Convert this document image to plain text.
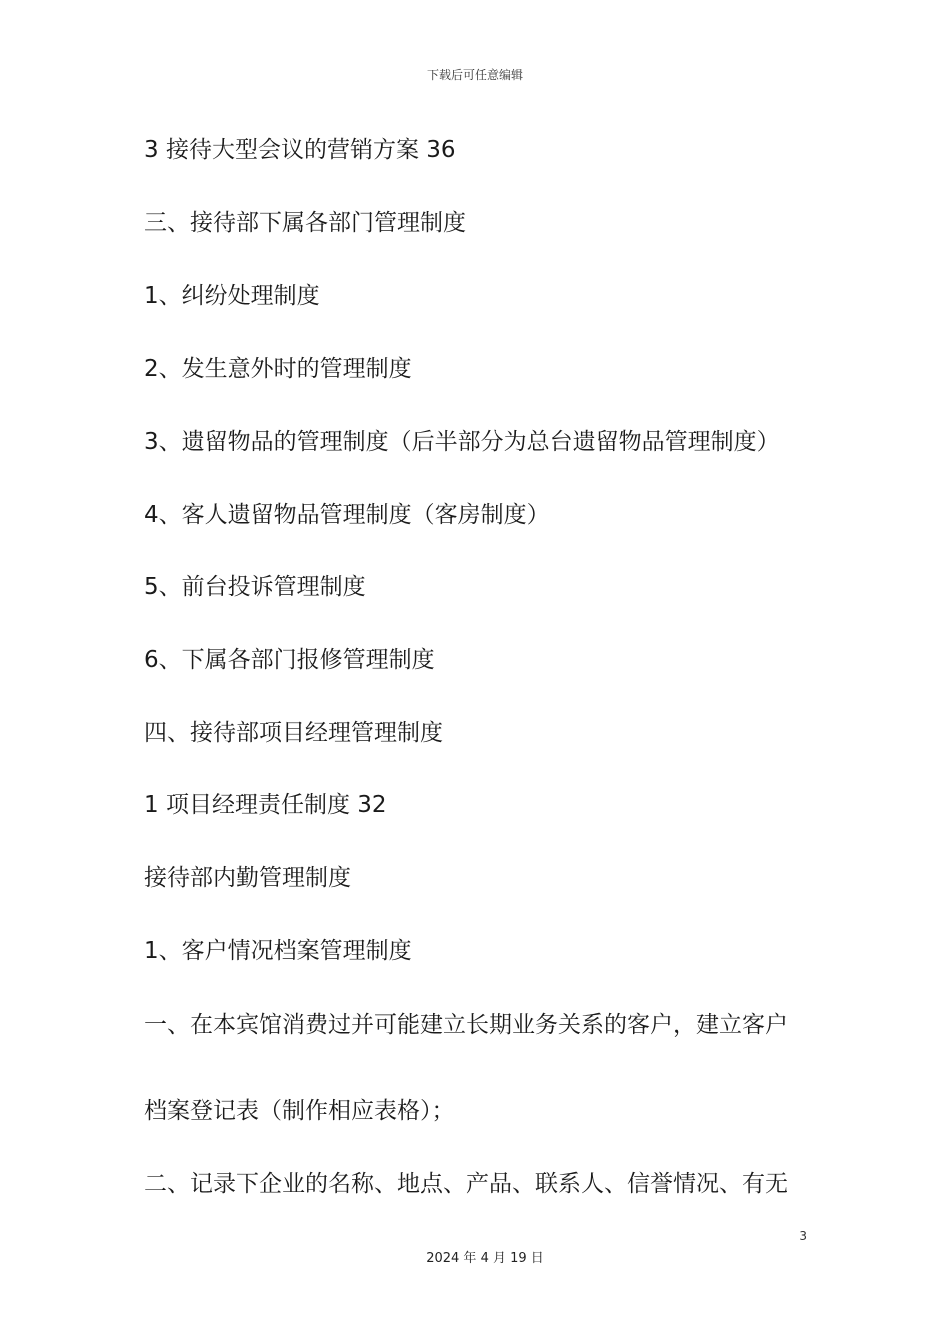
下载后可任意编辑
3 接待大型会议的营销方案 36
三、接待部下属各部门管理制度
1、纠纷处理制度
2、发生意外时的管理制度
3、遗留物品的管理制度（后半部分为总台遗留物品管理制度）
4、客人遗留物品管理制度（客房制度）
5、前台投诉管理制度
6、下属各部门报修管理制度
四、接待部项目经理管理制度
1 项目经理责任制度 32
接待部内勤管理制度
1、客户情况档案管理制度
一、在本宾馆消费过并可能建立长期业务关系的客户，建立客户
档案登记表（制作相应表格）；
二、记录下企业的名称、地点、产品、联系人、信誉情况、有无
3
2024 年 4 月 19 日
